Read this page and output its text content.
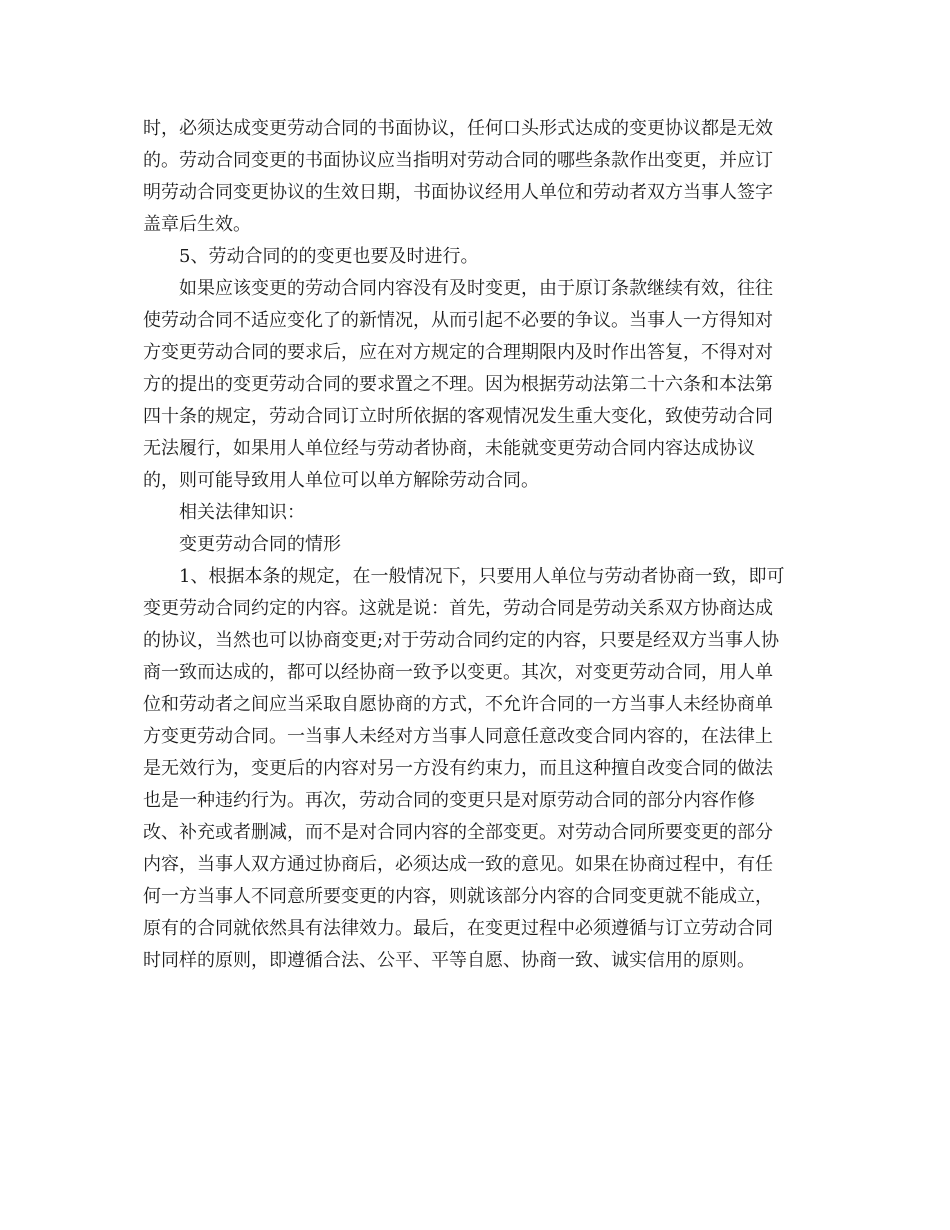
时，必须达成变更劳动合同的书面协议，任何口头形式达成的变更协议都是无效
的。劳动合同变更的书面协议应当指明对劳动合同的哪些条款作出变更，并应订
明劳动合同变更协议的生效日期，书面协议经用人单位和劳动者双方当事人签字
盖章后生效。
5、劳动合同的的变更也要及时进行。
如果应该变更的劳动合同内容没有及时变更，由于原订条款继续有效，往往
使劳动合同不适应变化了的新情况，从而引起不必要的争议。当事人一方得知对
方变更劳动合同的要求后，应在对方规定的合理期限内及时作出答复，不得对对
方的提出的变更劳动合同的要求置之不理。因为根据劳动法第二十六条和本法第
四十条的规定，劳动合同订立时所依据的客观情况发生重大变化，致使劳动合同
无法履行，如果用人单位经与劳动者协商，未能就变更劳动合同内容达成协议
的，则可能导致用人单位可以单方解除劳动合同。
相关法律知识：
变更劳动合同的情形
1、根据本条的规定，在一般情况下，只要用人单位与劳动者协商一致，即可
变更劳动合同约定的内容。这就是说：首先，劳动合同是劳动关系双方协商达成
的协议，当然也可以协商变更;对于劳动合同约定的内容，只要是经双方当事人协
商一致而达成的，都可以经协商一致予以变更。其次，对变更劳动合同，用人单
位和劳动者之间应当采取自愿协商的方式，不允许合同的一方当事人未经协商单
方变更劳动合同。一当事人未经对方当事人同意任意改变合同内容的，在法律上
是无效行为，变更后的内容对另一方没有约束力，而且这种擅自改变合同的做法
也是一种违约行为。再次，劳动合同的变更只是对原劳动合同的部分内容作修
改、补充或者删减，而不是对合同内容的全部变更。对劳动合同所要变更的部分
内容，当事人双方通过协商后，必须达成一致的意见。如果在协商过程中，有任
何一方当事人不同意所要变更的内容，则就该部分内容的合同变更就不能成立，
原有的合同就依然具有法律效力。最后，在变更过程中必须遵循与订立劳动合同
时同样的原则，即遵循合法、公平、平等自愿、协商一致、诚实信用的原则。
